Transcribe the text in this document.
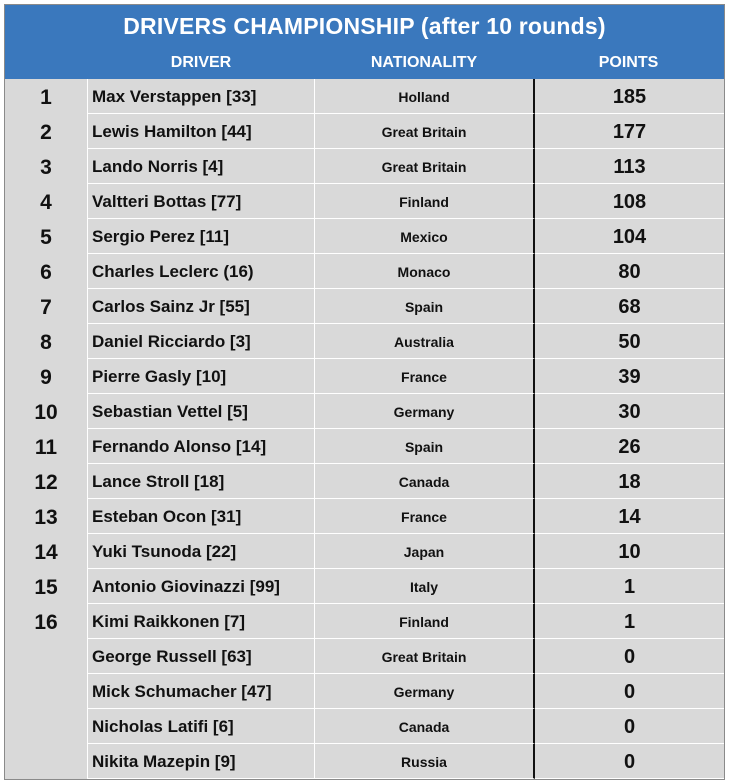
DRIVERS CHAMPIONSHIP (after 10 rounds)
DRIVER	NATIONALITY	POINTS
1	Max Verstappen [33]	Holland	185
2	Lewis Hamilton [44]	Great Britain	177
3	Lando Norris [4]	Great Britain	113
4	Valtteri Bottas [77]	Finland	108
5	Sergio Perez [11]	Mexico	104
6	Charles Leclerc (16)	Monaco	80
7	Carlos Sainz Jr [55]	Spain	68
8	Daniel Ricciardo [3]	Australia	50
9	Pierre Gasly [10]	France	39
10	Sebastian Vettel [5]	Germany	30
11	Fernando Alonso [14]	Spain	26
12	Lance Stroll [18]	Canada	18
13	Esteban Ocon [31]	France	14
14	Yuki Tsunoda [22]	Japan	10
15	Antonio Giovinazzi [99]	Italy	1
16	Kimi Raikkonen [7]	Finland	1
George Russell [63]	Great Britain	0
Mick Schumacher [47]	Germany	0
Nicholas Latifi [6]	Canada	0
Nikita Mazepin [9]	Russia	0
